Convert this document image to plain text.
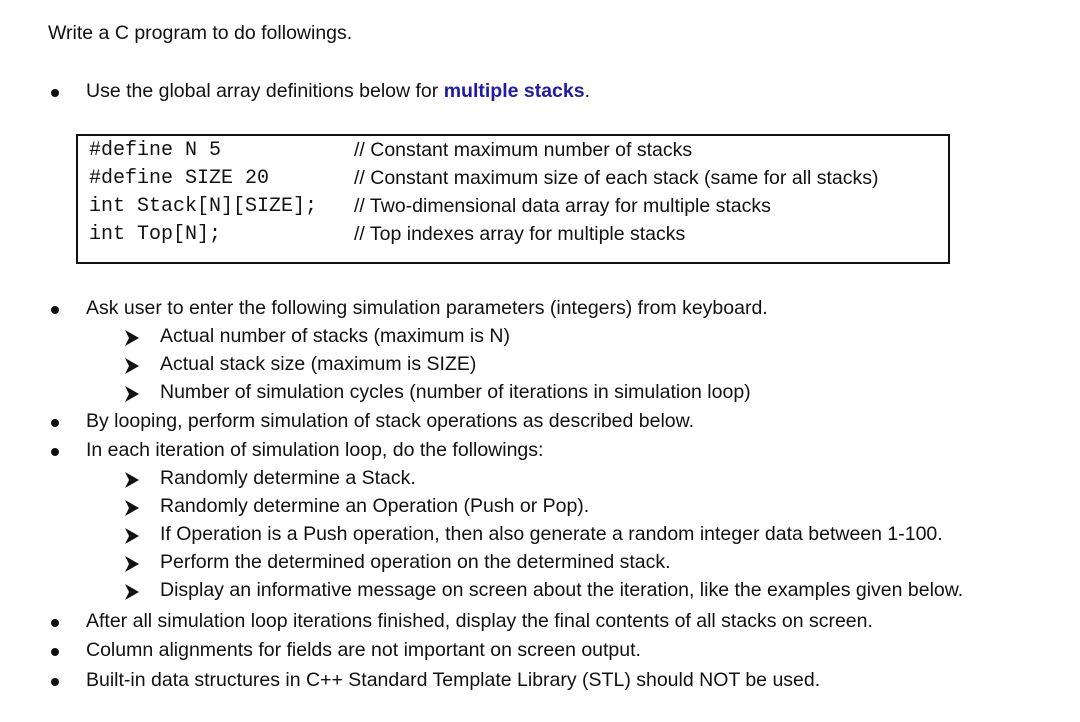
Write a C program to do followings.
Use the global array definitions below for multiple stacks.
#define N 5	// Constant maximum number of stacks
#define SIZE 20	// Constant maximum size of each stack (same for all stacks)
int Stack[N][SIZE]; // Two-dimensional data array for multiple stacks
int Top[N];	// Top indexes array for multiple stacks
Ask user to enter the following simulation parameters (integers) from keyboard.
Actual number of stacks (maximum is N)
Actual stack size (maximum is SIZE)
Number of simulation cycles (number of iterations in simulation loop)
By looping, perform simulation of stack operations as described below.
In each iteration of simulation loop, do the followings:
Randomly determine a Stack.
Randomly determine an Operation (Push or Pop).
If Operation is a Push operation, then also generate a random integer data between 1-100.
Perform the determined operation on the determined stack.
Display an informative message on screen about the iteration, like the examples given below.
After all simulation loop iterations finished, display the final contents of all stacks on screen.
Column alignments for fields are not important on screen output.
Built-in data structures in C++ Standard Template Library (STL) should NOT be used.
